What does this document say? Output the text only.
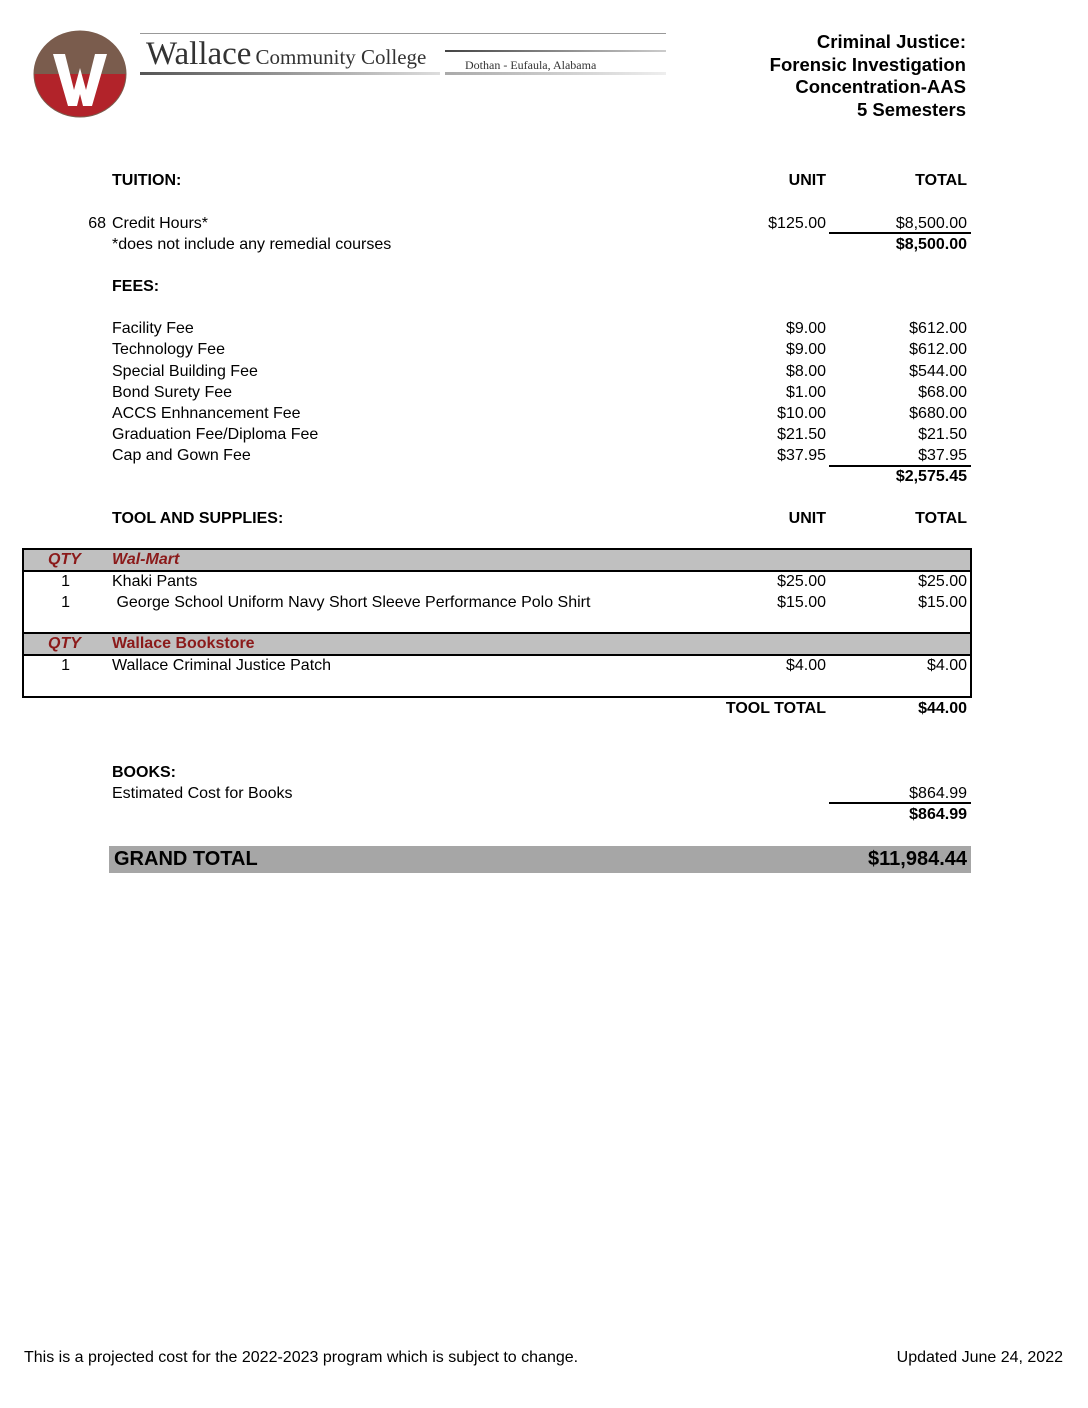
Wallace Community College	Dothan - Eufaula, Alabama
Criminal Justice:
Forensic Investigation
Concentration-AAS
5 Semesters
TUITION:	UNIT	TOTAL
68 Credit Hours*	$125.00	$8,500.00
*does not include any remedial courses	$8,500.00
FEES:
Facility Fee	$9.00	$612.00
Technology Fee	$9.00	$612.00
Special Building Fee	$8.00	$544.00
Bond Surety Fee	$1.00	$68.00
ACCS Enhnancement Fee	$10.00	$680.00
Graduation Fee/Diploma Fee	$21.50	$21.50
Cap and Gown Fee	$37.95	$37.95
$2,575.45
TOOL AND SUPPLIES:	UNIT	TOTAL
QTY Wal-Mart
1	Khaki Pants	$25.00	$25.00
1	George School Uniform Navy Short Sleeve Performance Polo Shirt	$15.00	$15.00
QTY Wallace Bookstore
1	Wallace Criminal Justice Patch	$4.00	$4.00
TOOL TOTAL	$44.00
BOOKS:
Estimated Cost for Books	$864.99
$864.99
GRAND TOTAL	$11,984.44
This is a projected cost for the 2022-2023 program which is subject to change.	Updated June 24, 2022
